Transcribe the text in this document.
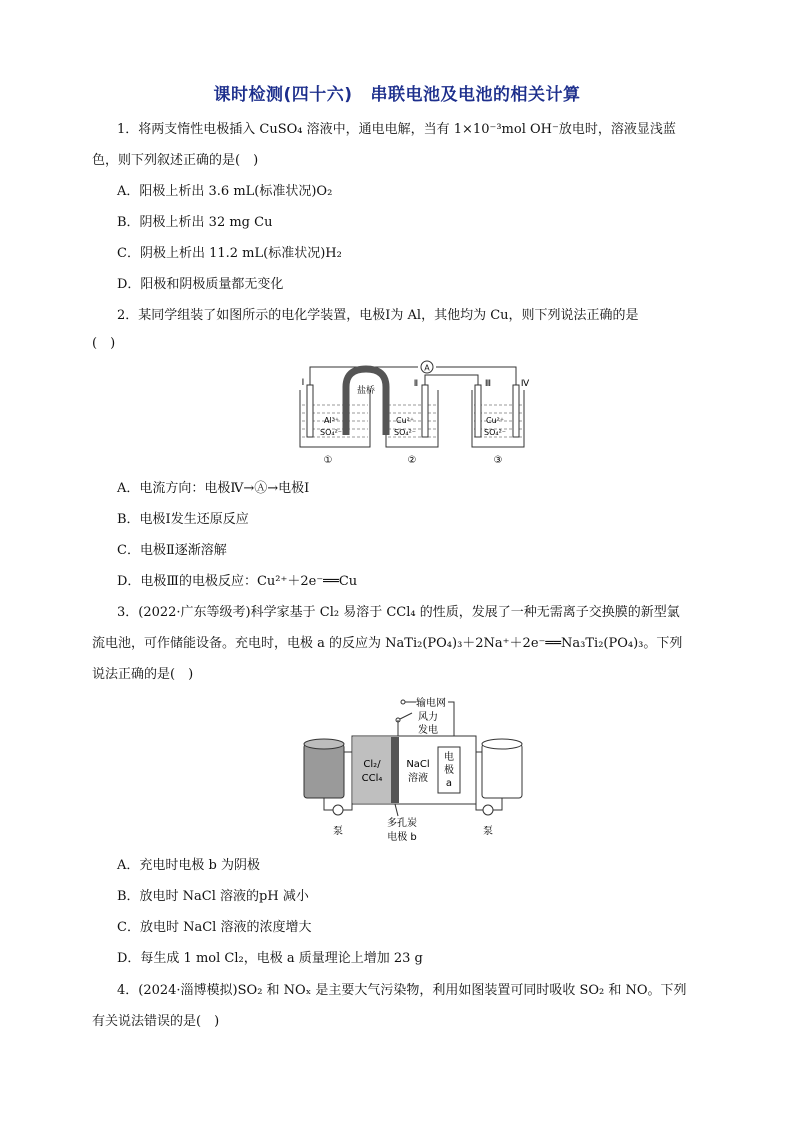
课时检测(四十六) 串联电池及电池的相关计算
1．将两支惰性电极插入 CuSO₄ 溶液中，通电电解，当有 1×10⁻³mol OH⁻放电时，溶液显浅蓝
色，则下列叙述正确的是(　)
A．阳极上析出 3.6 mL(标准状况)O₂
B．阴极上析出 32 mg Cu
C．阴极上析出 11.2 mL(标准状况)H₂
D．阳极和阴极质量都无变化
2．某同学组装了如图所示的电化学装置，电极Ⅰ为 Al，其他均为 Cu，则下列说法正确的是
(　)
A
盐桥
Ⅰ	Ⅱ	Ⅲ	Ⅳ
Al³⁺
SO₄²⁻
Cu²⁺
SO₄²⁻
Cu²⁺
SO₄²⁻
①	②	③
A．电流方向：电极Ⅳ→Ⓐ→电极Ⅰ
B．电极Ⅰ发生还原反应
C．电极Ⅱ逐渐溶解
D．电极Ⅲ的电极反应：Cu²⁺＋2e⁻══Cu
3．(2022·广东等级考)科学家基于 Cl₂ 易溶于 CCl₄ 的性质，发展了一种无需离子交换膜的新型氯
流电池，可作储能设备。充电时，电极 a 的反应为 NaTi₂(PO₄)₃＋2Na⁺＋2e⁻══Na₃Ti₂(PO₄)₃。下列
说法正确的是(　)
输电网
风力
发电
Cl₂/
CCl₄
NaCl
溶液
电
极
a
泵	泵
多孔炭
电极 b
A．充电时电极 b 为阴极
B．放电时 NaCl 溶液的pH 减小
C．放电时 NaCl 溶液的浓度增大
D．每生成 1 mol Cl₂，电极 a 质量理论上增加 23 g
4．(2024·淄博模拟)SO₂ 和 NOₓ 是主要大气污染物，利用如图装置可同时吸收 SO₂ 和 NO。下列
有关说法错误的是(　)
